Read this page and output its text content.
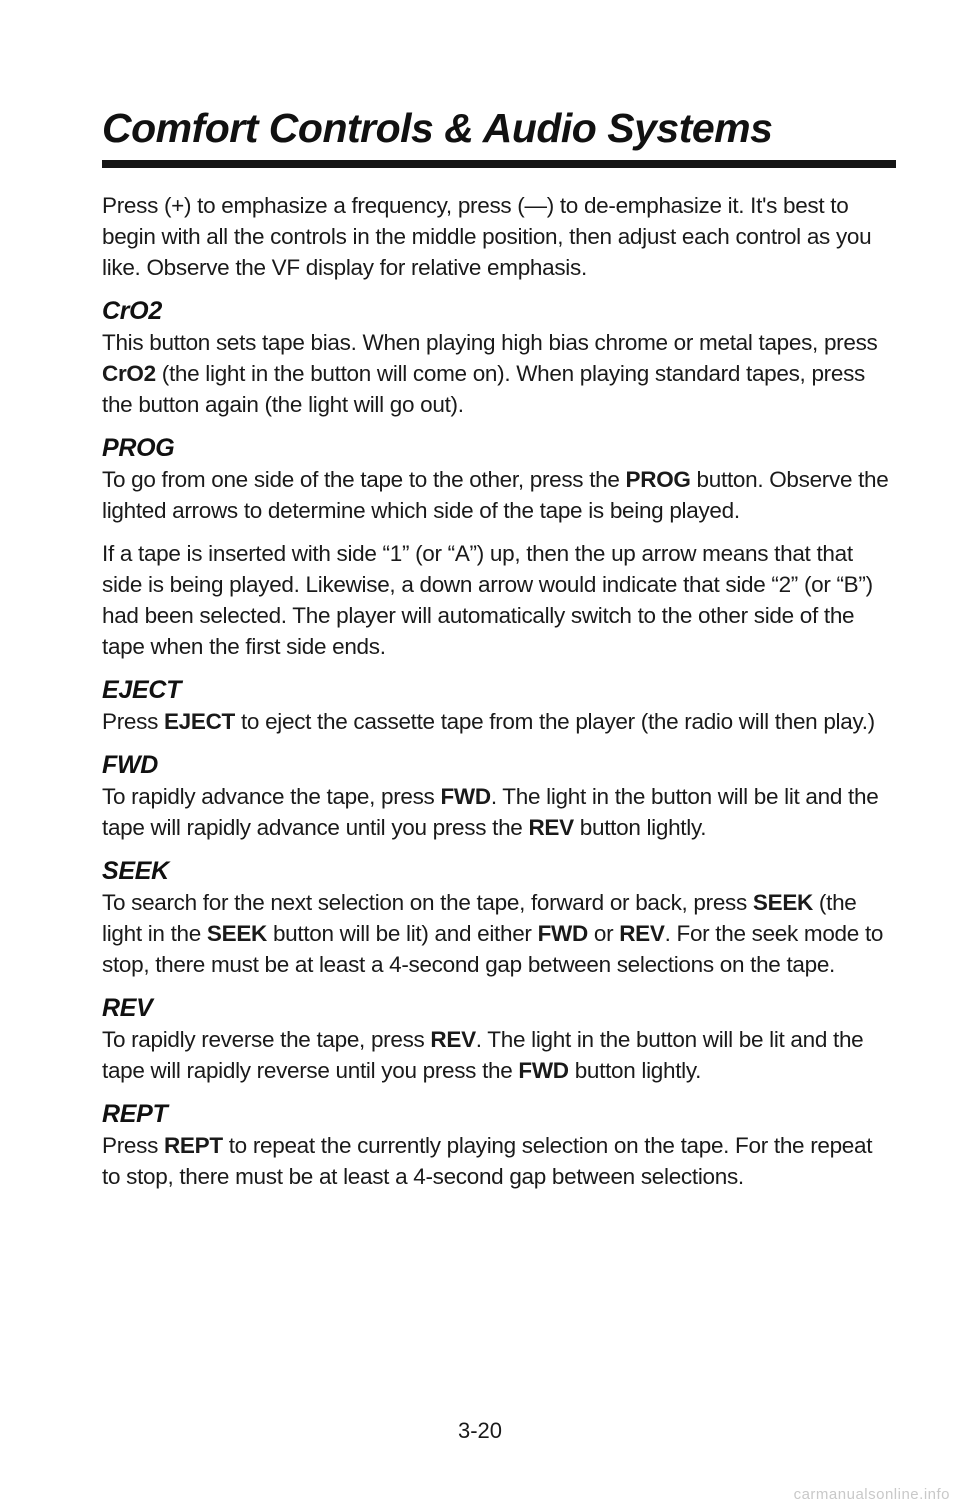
Comfort Controls & Audio Systems

Press (+) to emphasize a frequency, press (—) to de-emphasize it. It's best to begin with all the controls in the middle position, then adjust each control as you like. Observe the VF display for relative emphasis.

CrO2

This button sets tape bias. When playing high bias chrome or metal tapes, press CrO2 (the light in the button will come on). When playing standard tapes, press the button again (the light will go out).

PROG

To go from one side of the tape to the other, press the PROG button. Observe the lighted arrows to determine which side of the tape is being played.

If a tape is inserted with side “1” (or “A”) up, then the up arrow means that that side is being played. Likewise, a down arrow would indicate that side “2” (or “B”) had been selected. The player will automatically switch to the other side of the tape when the first side ends.

EJECT

Press EJECT to eject the cassette tape from the player (the radio will then play.)

FWD

To rapidly advance the tape, press FWD. The light in the button will be lit and the tape will rapidly advance until you press the REV button lightly.

SEEK

To search for the next selection on the tape, forward or back, press SEEK (the light in the SEEK button will be lit) and either FWD or REV. For the seek mode to stop, there must be at least a 4-second gap between selections on the tape.

REV

To rapidly reverse the tape, press REV. The light in the button will be lit and the tape will rapidly reverse until you press the FWD button lightly.

REPT

Press REPT to repeat the currently playing selection on the tape. For the repeat to stop, there must be at least a 4-second gap between selections.

3-20
carmanualsonline.info
